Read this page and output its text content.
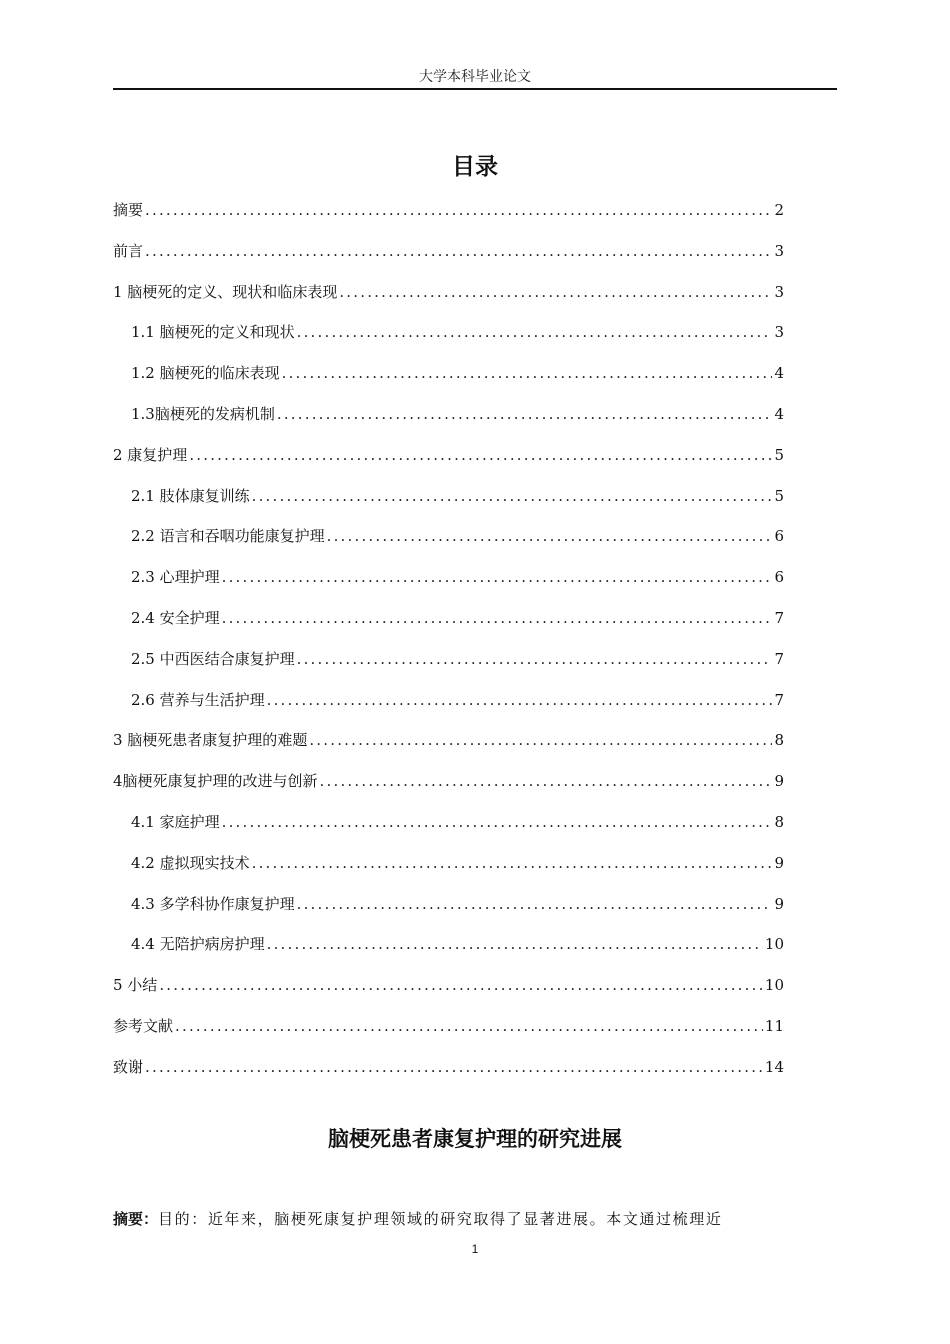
大学本科毕业论文
目录
摘要 .....	2
前言 .....	3
1 脑梗死的定义、现状和临床表现 .....	3
1.1 脑梗死的定义和现状 .....	3
1.2 脑梗死的临床表现 .....	4
1.3脑梗死的发病机制 .....	4
2 康复护理 .....	5
2.1 肢体康复训练 .....	5
2.2 语言和吞咽功能康复护理 .....	6
2.3 心理护理 .....	6
2.4 安全护理 .....	7
2.5 中西医结合康复护理 .....	7
2.6 营养与生活护理 .....	7
3 脑梗死患者康复护理的难题 .....	8
4脑梗死康复护理的改进与创新 .....	9
4.1 家庭护理 .....	8
4.2 虚拟现实技术 .....	9
4.3 多学科协作康复护理 .....	9
4.4 无陪护病房护理 .....	10
5 小结 .....	10
参考文献 .....	11
致谢 .....	14
脑梗死患者康复护理的研究进展
摘要：目的：近年来，脑梗死康复护理领域的研究取得了显著进展。本文通过梳理近
1
